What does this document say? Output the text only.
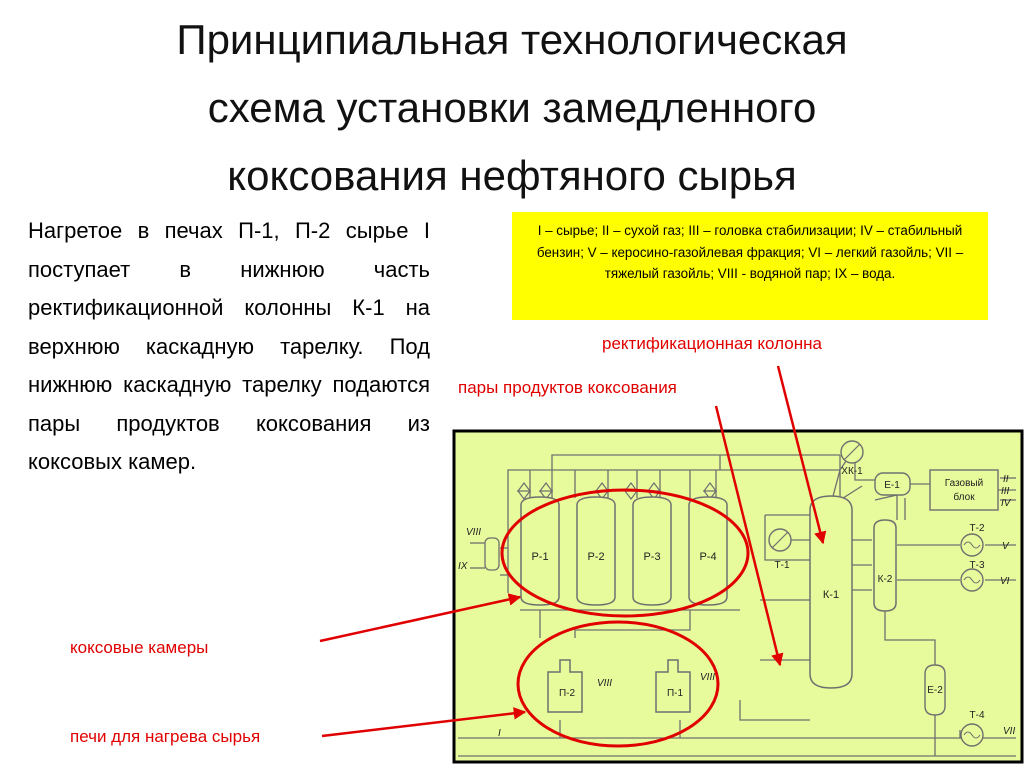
Принципиальная технологическая
схема установки замедленного
коксования нефтяного сырья
Нагретое в печах П-1, П-2 сырье I поступает в нижнюю часть ректификационной колонны К-1 на верхнюю каскадную тарелку. Под нижнюю каскадную тарелку подаются пары продуктов коксования из коксовых камер.
I – сырье; II – сухой газ; III – головка стабилизации; IV – стабильный бензин; V – керосино-газойлевая фракция; VI – легкий газойль; VII – тяжелый газойль; VIII - водяной пар; IX – вода.
Р-1	Р-2	Р-3	Р-4
П-2	П-1
К-1
К-2
ХК-1
Е-1	Газовый
блок
Т-1
Е-2
Т-2
Т-3
Т-4
VIII
IX
VIII
VIII
I
II
III
IV
V
VI
VII
ректификационная колонна
пары продуктов коксования
коксовые камеры
печи для нагрева сырья
